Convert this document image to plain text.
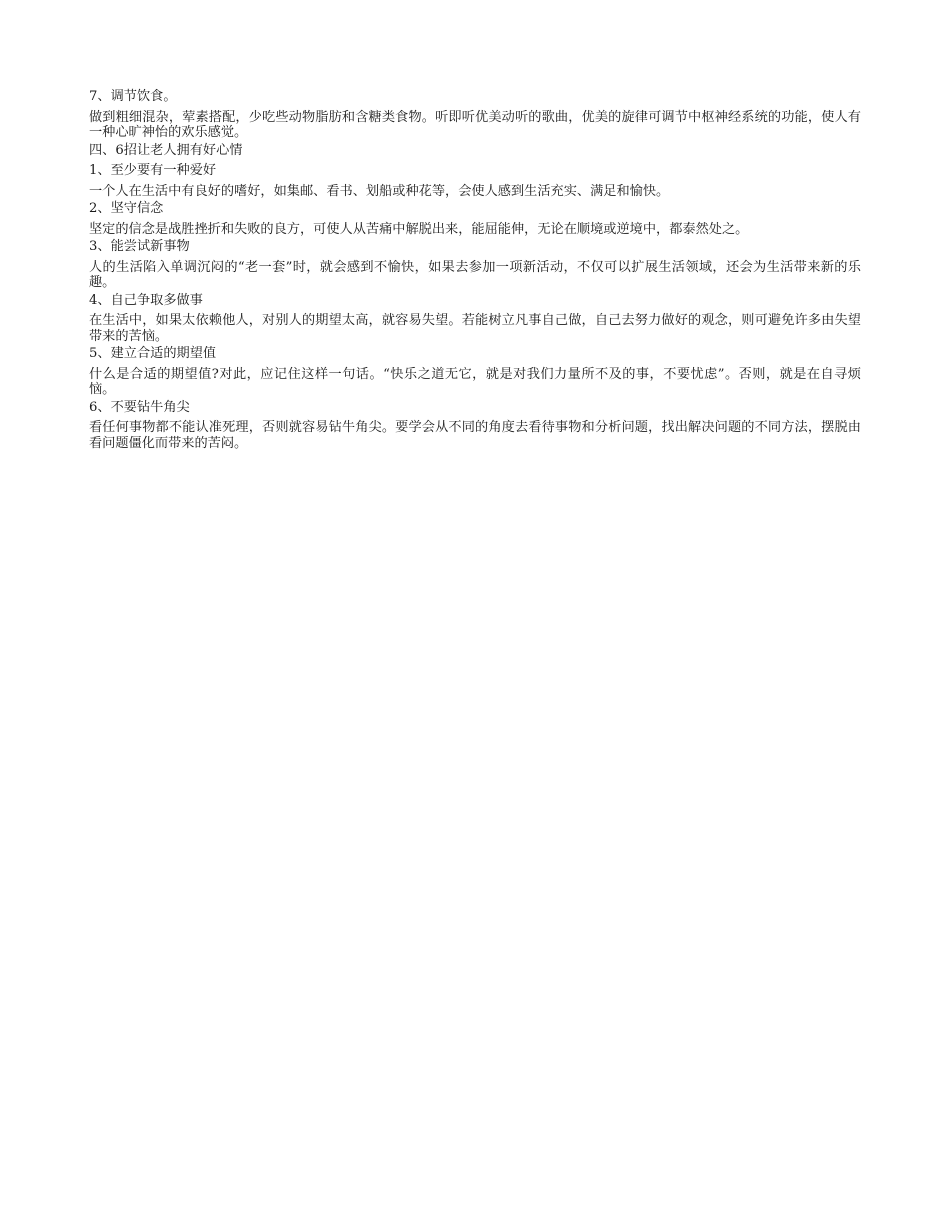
7、调节饮食。
做到粗细混杂，荤素搭配，少吃些动物脂肪和含糖类食物。听即听优美动听的歌曲，优美的旋律可调节中枢神经系统的功能，使人有一种心旷神怡的欢乐感觉。
四、6招让老人拥有好心情
1、至少要有一种爱好
一个人在生活中有良好的嗜好，如集邮、看书、划船或种花等，会使人感到生活充实、满足和愉快。
2、坚守信念
坚定的信念是战胜挫折和失败的良方，可使人从苦痛中解脱出来，能屈能伸，无论在顺境或逆境中，都泰然处之。
3、能尝试新事物
人的生活陷入单调沉闷的“老一套”时，就会感到不愉快，如果去参加一项新活动，不仅可以扩展生活领域，还会为生活带来新的乐趣。
4、自己争取多做事
在生活中，如果太依赖他人，对别人的期望太高，就容易失望。若能树立凡事自己做，自己去努力做好的观念，则可避免许多由失望带来的苦恼。
5、建立合适的期望值
什么是合适的期望值?对此，应记住这样一句话。“快乐之道无它，就是对我们力量所不及的事，不要忧虑”。否则，就是在自寻烦恼。
6、不要钻牛角尖
看任何事物都不能认准死理，否则就容易钻牛角尖。要学会从不同的角度去看待事物和分析问题，找出解决问题的不同方法，摆脱由看问题僵化而带来的苦闷。
